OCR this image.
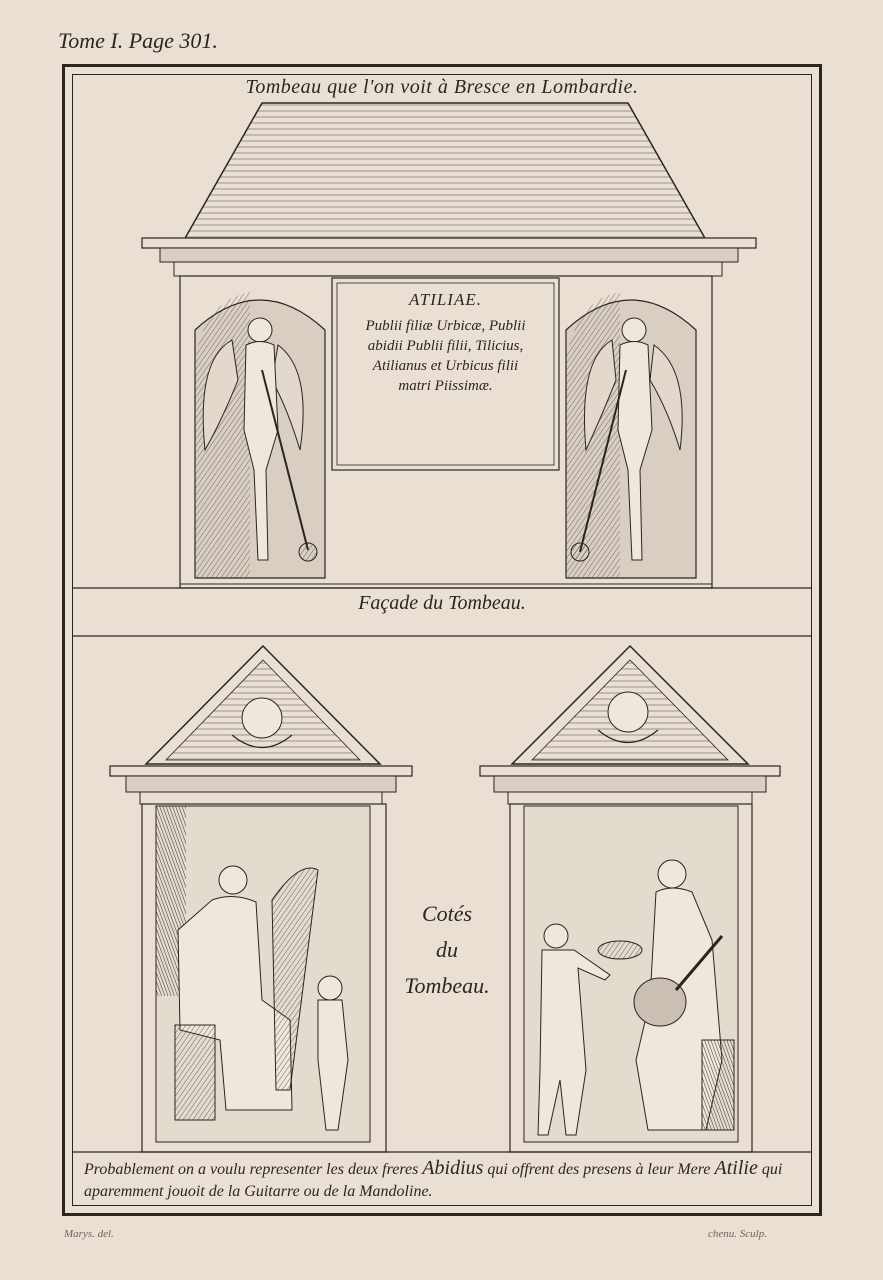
Tome I. Page 301.
Tombeau que l'on voit à Bresce en Lombardie.
ATILIAE.
Publii filiæ Urbicæ, Publii
abidii Publii filii, Tilicius,
Atilianus et Urbicus filii
matri Piissimæ.
Façade du Tombeau.
Cotés
du
Tombeau.
Probablement on a voulu representer les deux freres Abidius qui offrent des presens à leur Mere Atilie qui aparemment jouoit de la Guitarre ou de la Mandoline.
Marys. del.	chenu. Sculp.
